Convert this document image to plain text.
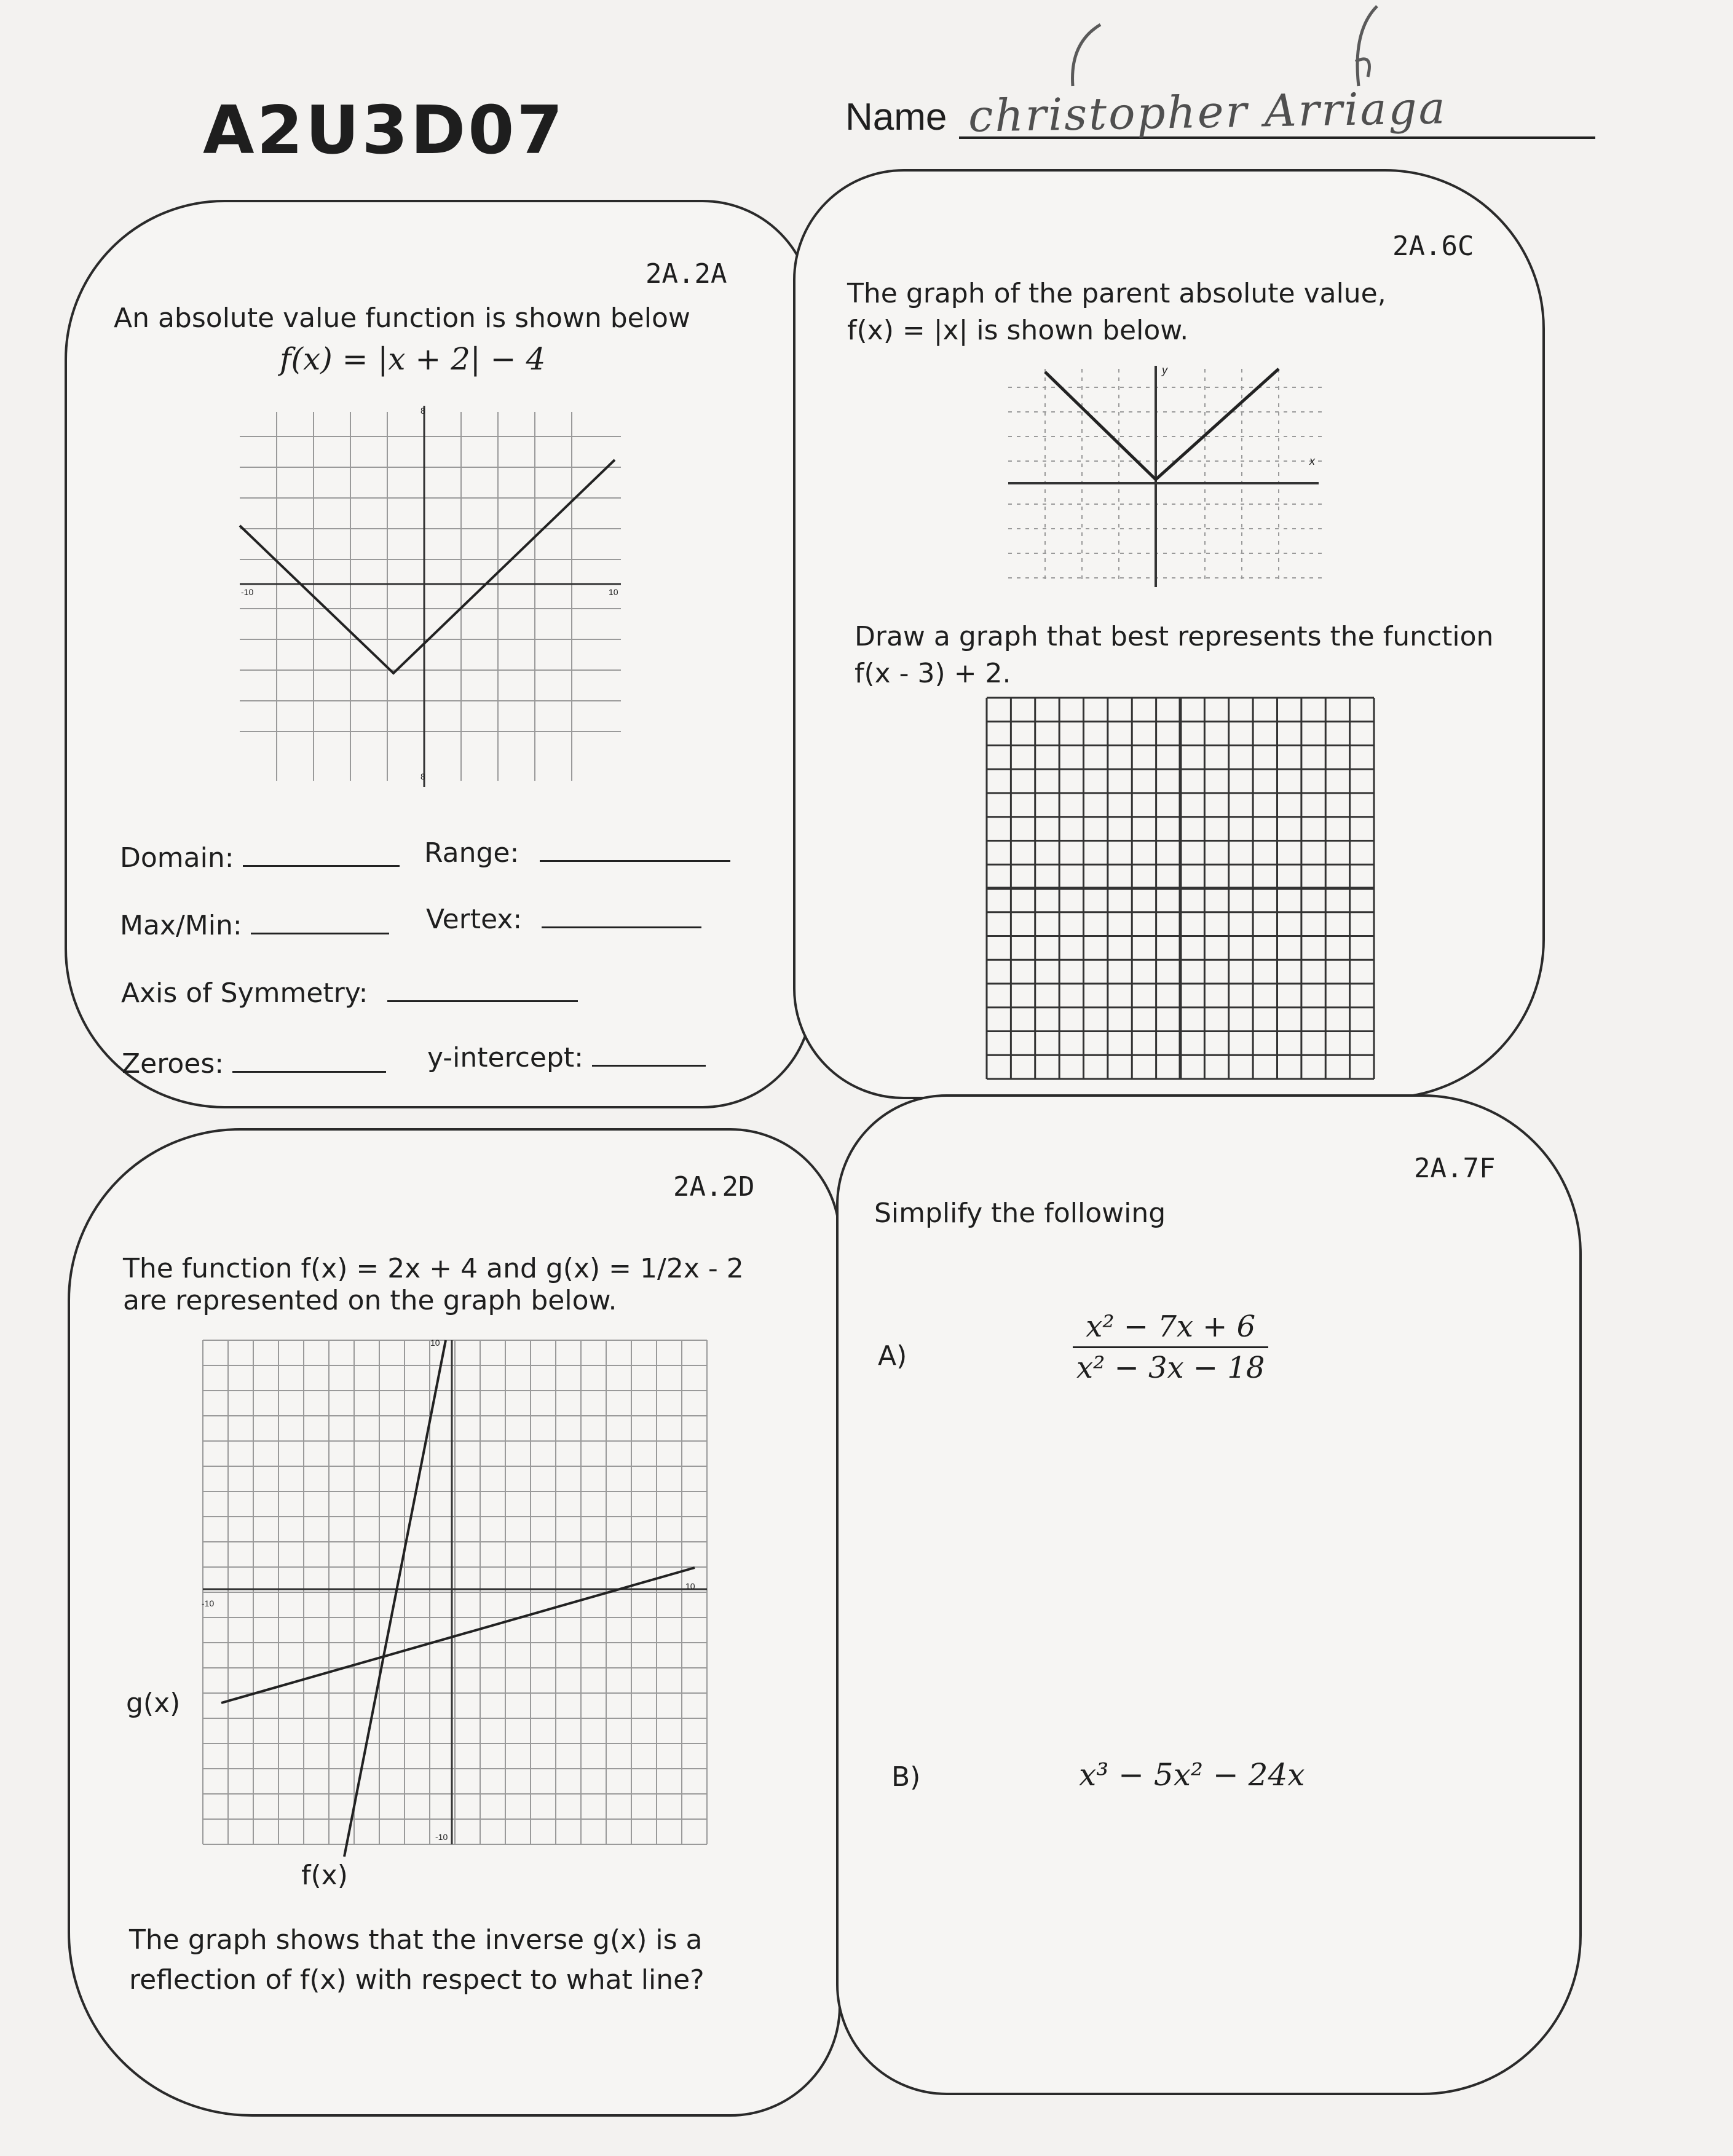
A2U3D07	Name christopher Arriaga
2A.2A
An absolute value function is shown below
f(x) = |x + 2| − 4
-10	10
8
8
Domain:	Range:
Max/Min:	Vertex:
Axis of Symmetry:
Zeroes:	y-intercept:
2A.6C
The graph of the parent absolute value,
f(x) = |x| is shown below.
x
y
Draw a graph that best represents the function
f(x - 3) + 2.
2A.2D
The function f(x) = 2x + 4 and g(x) = 1/2x - 2
are represented on the graph below.
-10
10
10
-10
g(x)
f(x)
The graph shows that the inverse g(x) is a
reflection of f(x) with respect to what line?
2A.7F
Simplify the following
A)	$\frac{\text{x² − 7x + 6}}{\text{x² − 3x − 18}}$
B)	x³ − 5x² − 24x
